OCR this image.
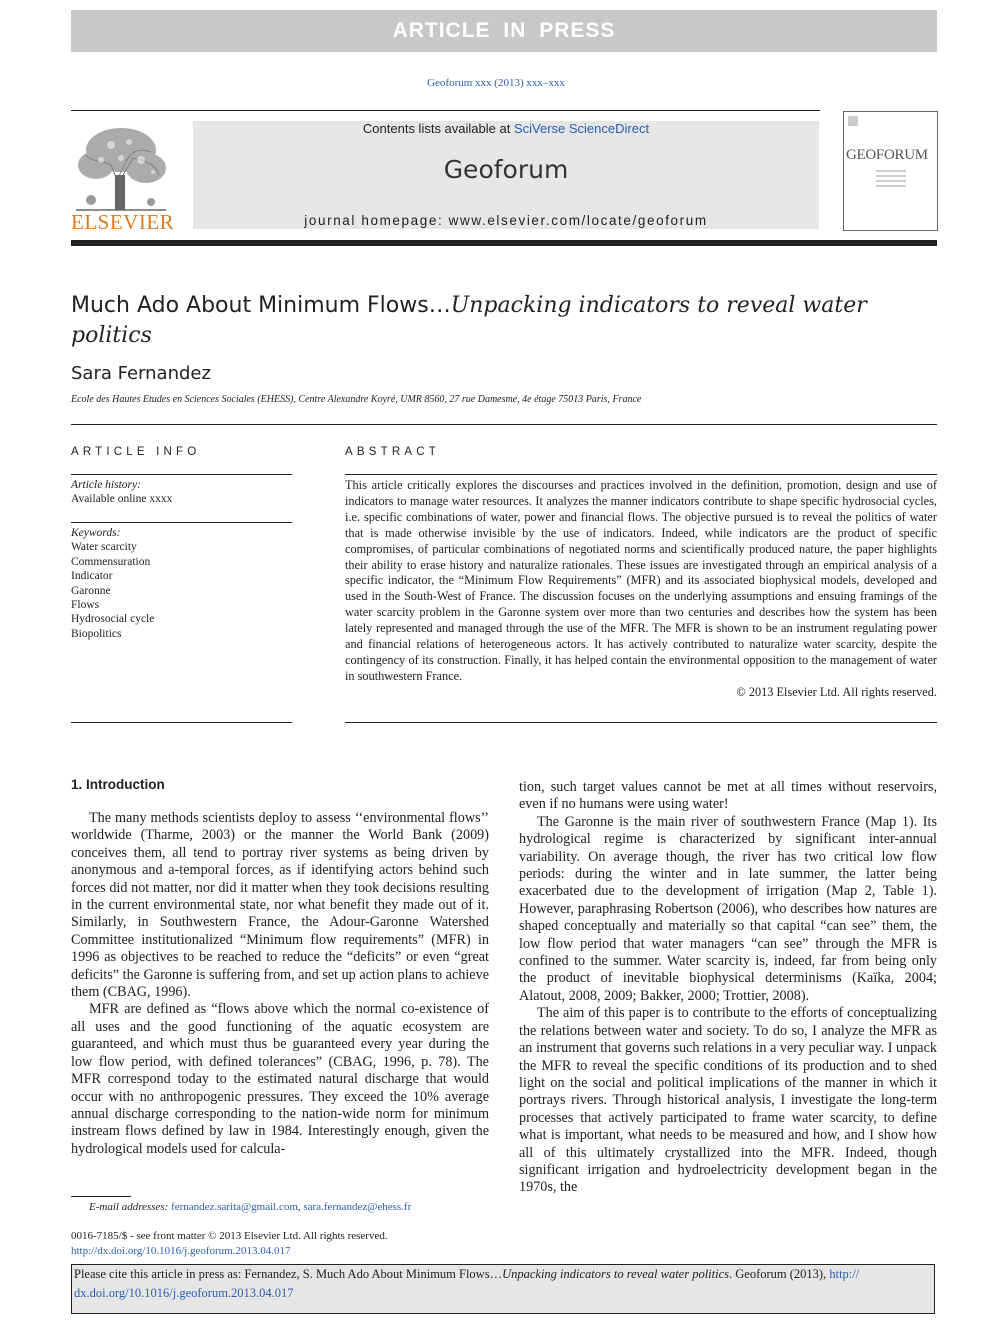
ARTICLE IN PRESS
Geoforum xxx (2013) xxx–xxx
ELSEVIER
Contents lists available at SciVerse ScienceDirect
Geoforum
journal homepage: www.elsevier.com/locate/geoforum
GEOFORUM
Much Ado About Minimum Flows…Unpacking indicators to reveal water
politics
Sara Fernandez
Ecole des Hautes Etudes en Sciences Sociales (EHESS), Centre Alexandre Koyré, UMR 8560, 27 rue Damesme, 4e étage 75013 Paris, France
ARTICLE INFO
Article history:
Available online xxxx
Keywords:
Water scarcity
Commensuration
Indicator
Garonne
Flows
Hydrosocial cycle
Biopolitics
ABSTRACT

This article critically explores the discourses and practices involved in the definition, promotion, design and use of indicators to manage water resources. It analyzes the manner indicators contribute to shape specific hydrosocial cycles, i.e. specific combinations of water, power and financial flows. The objective pursued is to reveal the politics of water that is made otherwise invisible by the use of indicators. Indeed, while indicators are the product of specific compromises, of particular combinations of negotiated norms and scientifically produced nature, the paper highlights their ability to erase history and naturalize rationales. These issues are investigated through an empirical analysis of a specific indicator, the “Minimum Flow Requirements” (MFR) and its associated biophysical models, developed and used in the South-West of France. The discussion focuses on the underlying assumptions and ensuing framings of the water scarcity problem in the Garonne system over more than two centuries and describes how the system has been lately represented and managed through the use of the MFR. The MFR is shown to be an instrument regulating power and financial relations of heterogeneous actors. It has actively contributed to naturalize water scarcity, despite the contingency of its construction. Finally, it has helped contain the environmental opposition to the management of water in southwestern France.

© 2013 Elsevier Ltd. All rights reserved.

1. Introduction

The many methods scientists deploy to assess ‘‘environmental flows’’ worldwide (Tharme, 2003) or the manner the World Bank (2009) conceives them, all tend to portray river systems as being driven by anonymous and a-temporal forces, as if identifying actors behind such forces did not matter, nor did it matter when they took decisions resulting in the current environmental state, nor what benefit they made out of it. Similarly, in Southwestern France, the Adour-Garonne Watershed Committee institutionalized “Minimum flow requirements” (MFR) in 1996 as objectives to be reached to reduce the “deficits” or even “great deficits” the Garonne is suffering from, and set up action plans to achieve them (CBAG, 1996).

MFR are defined as “flows above which the normal co-existence of all uses and the good functioning of the aquatic ecosystem are guaranteed, and which must thus be guaranteed every year during the low flow period, with defined tolerances” (CBAG, 1996, p. 78). The MFR correspond today to the estimated natural discharge that would occur with no anthropogenic pressures. They exceed the 10% average annual discharge corresponding to the nation-wide norm for minimum instream flows defined by law in 1984. Interestingly enough, given the hydrological models used for calcula-

tion, such target values cannot be met at all times without reservoirs, even if no humans were using water!

The Garonne is the main river of southwestern France (Map 1). Its hydrological regime is characterized by significant inter-annual variability. On average though, the river has two critical low flow periods: during the winter and in late summer, the latter being exacerbated due to the development of irrigation (Map 2, Table 1). However, paraphrasing Robertson (2006), who describes how natures are shaped conceptually and materially so that capital “can see” them, the low flow period that water managers “can see” through the MFR is confined to the summer. Water scarcity is, indeed, far from being only the product of inevitable biophysical determinisms (Kaïka, 2004; Alatout, 2008, 2009; Bakker, 2000; Trottier, 2008).

The aim of this paper is to contribute to the efforts of conceptualizing the relations between water and society. To do so, I analyze the MFR as an instrument that governs such relations in a very peculiar way. I unpack the MFR to reveal the specific conditions of its production and to shed light on the social and political implications of the manner in which it portrays rivers. Through historical analysis, I investigate the long-term processes that actively participated to frame water scarcity, to define what is important, what needs to be measured and how, and I show how all of this ultimately crystallized into the MFR. Indeed, though significant irrigation and hydroelectricity development began in the 1970s, the

E-mail addresses: fernandez.sarita@gmail.com, sara.fernandez@ehess.fr
0016-7185/$ - see front matter © 2013 Elsevier Ltd. All rights reserved.
http://dx.doi.org/10.1016/j.geoforum.2013.04.017
Please cite this article in press as: Fernandez, S. Much Ado About Minimum Flows…Unpacking indicators to reveal water politics. Geoforum (2013), http://
dx.doi.org/10.1016/j.geoforum.2013.04.017
